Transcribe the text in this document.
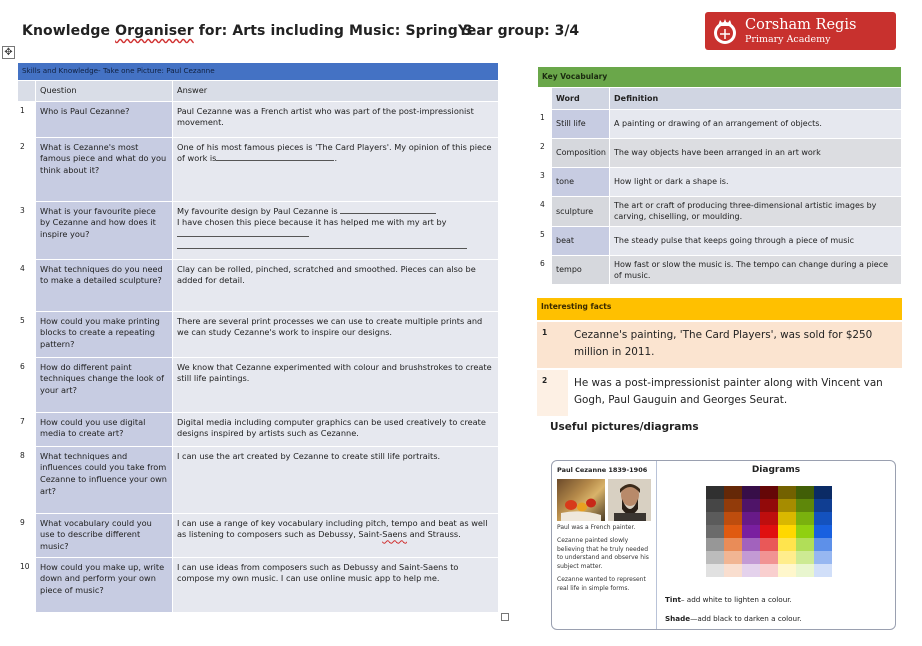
Knowledge Organiser for: Arts including Music: Spring 3
Year group: 3/4	Corsham Regis
Primary Academy
✥
Skills and Knowledge- Take one Picture: Paul Cezanne		
	Question	Answer
1	Who is Paul Cezanne?	Paul Cezanne was a French artist who was part of the post-impressionist movement.
2	What is Cezanne's most famous piece and what do you think about it?	One of his most famous pieces is 'The Card Players'. My opinion of this piece of work is .
3	What is your favourite piece by Cezanne and how does it inspire you?	My favourite design by Paul Cezanne is
I have chosen this piece because it has helped me with my art by

4	What techniques do you need to make a detailed sculpture?	Clay can be rolled, pinched, scratched and smoothed. Pieces can also be added for detail.
5	How could you make printing blocks to create a repeating pattern?	There are several print processes we can use to create multiple prints and we can study Cezanne's work to inspire our designs.
6	How do different paint techniques change the look of your art?	We know that Cezanne experimented with colour and brushstrokes to create still life paintings.
7	How could you use digital media to create art?	Digital media including computer graphics can be used creatively to create designs inspired by artists such as Cezanne.
8	What techniques and influences could you take from Cezanne to influence your own art?	I can use the art created by Cezanne to create still life portraits.
9	What vocabulary could you use to describe different music?	I can use a range of key vocabulary including pitch, tempo and beat as well as listening to composers such as Debussy, Saint-Saens and Strauss.
10	How could you make up, write down and perform your own piece of music?	I can use ideas from composers such as Debussy and Saint-Saens to compose my own music. I can use online music app to help me.
Key Vocabulary		
	Word	Definition
1	Still life	A painting or drawing of an arrangement of objects.
2	Composition	The way objects have been arranged in an art work
3	tone	How light or dark a shape is.
4	sculpture	The art or craft of producing three-dimensional artistic images by carving, chiselling, or moulding.
5	beat	The steady pulse that keeps going through a piece of music
6	tempo	How fast or slow the music is. The tempo can change during a piece of music.
Interesting facts
1	Cezanne's painting, 'The Card Players', was sold for $250 million in 2011.
2	He was a post-impressionist painter along with Vincent van Gogh, Paul Gauguin and Georges Seurat.
Useful pictures/diagrams
Paul Cezanne 1839-1906

Paul was a French painter.

Cezanne painted slowly believing that he truly needed to understand and observe his subject matter.

Cezanne wanted to represent real life in simple forms.

Diagrams
Tint– add white to lighten a colour.
Shade—add black to darken a colour.
